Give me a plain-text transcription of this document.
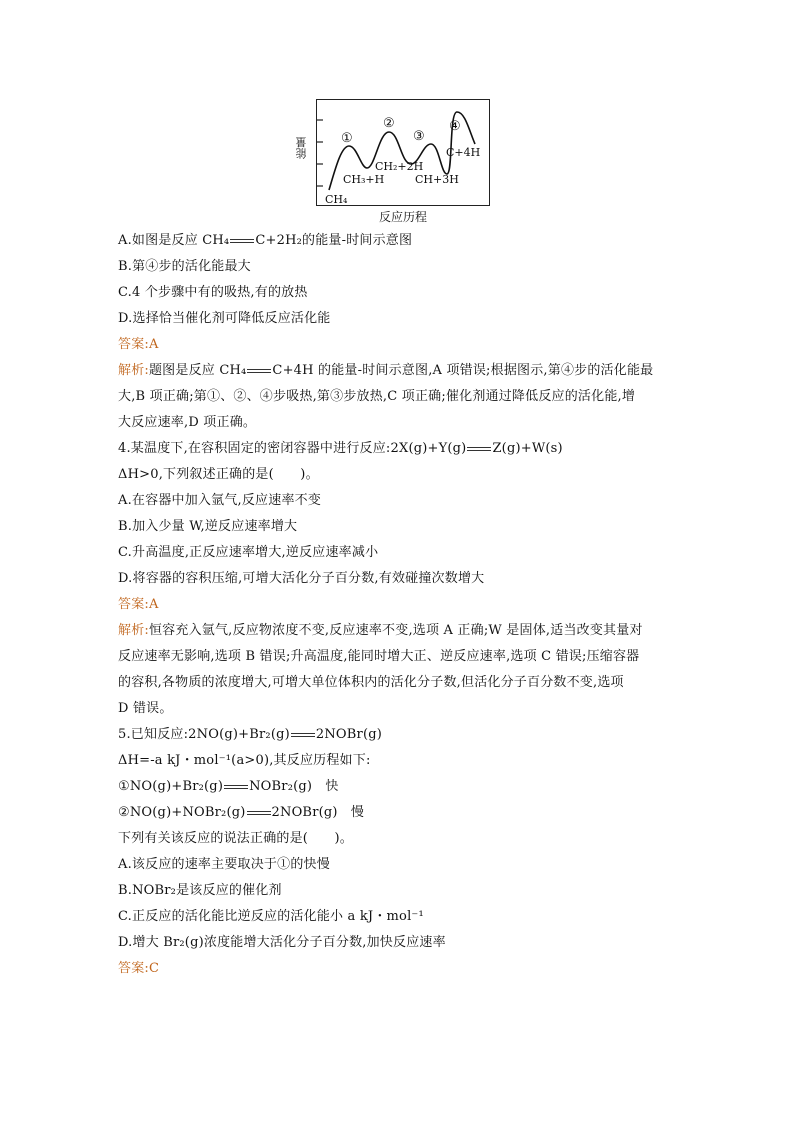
①
②
③
④
CH₄
CH₃+H
CH₂+2H
CH+3H
C+4H
能量
反应历程
A.如图是反应 CH₄ C+2H₂的能量-时间示意图
B.第④步的活化能最大
C.4 个步骤中有的吸热,有的放热
D.选择恰当催化剂可降低反应活化能
答案:A
解析:题图是反应 CH₄ C+4H 的能量-时间示意图,A 项错误;根据图示,第④步的活化能最
大,B 项正确;第①、②、④步吸热,第③步放热,C 项正确;催化剂通过降低反应的活化能,增
大反应速率,D 项正确。
4.某温度下,在容积固定的密闭容器中进行反应:2X(g)+Y(g) Z(g)+W(s)
ΔH>0,下列叙述正确的是(　　)。
A.在容器中加入氩气,反应速率不变
B.加入少量 W,逆反应速率增大
C.升高温度,正反应速率增大,逆反应速率减小
D.将容器的容积压缩,可增大活化分子百分数,有效碰撞次数增大
答案:A
解析:恒容充入氩气,反应物浓度不变,反应速率不变,选项 A 正确;W 是固体,适当改变其量对
反应速率无影响,选项 B 错误;升高温度,能同时增大正、逆反应速率,选项 C 错误;压缩容器
的容积,各物质的浓度增大,可增大单位体积内的活化分子数,但活化分子百分数不变,选项
D 错误。
5.已知反应:2NO(g)+Br₂(g) 2NOBr(g)
ΔH=-a kJ・mol⁻¹(a>0),其反应历程如下:
①NO(g)+Br₂(g) NOBr₂(g)　快
②NO(g)+NOBr₂(g) 2NOBr(g)　慢
下列有关该反应的说法正确的是(　　)。
A.该反应的速率主要取决于①的快慢
B.NOBr₂是该反应的催化剂
C.正反应的活化能比逆反应的活化能小 a kJ・mol⁻¹
D.增大 Br₂(g)浓度能增大活化分子百分数,加快反应速率
答案:C
